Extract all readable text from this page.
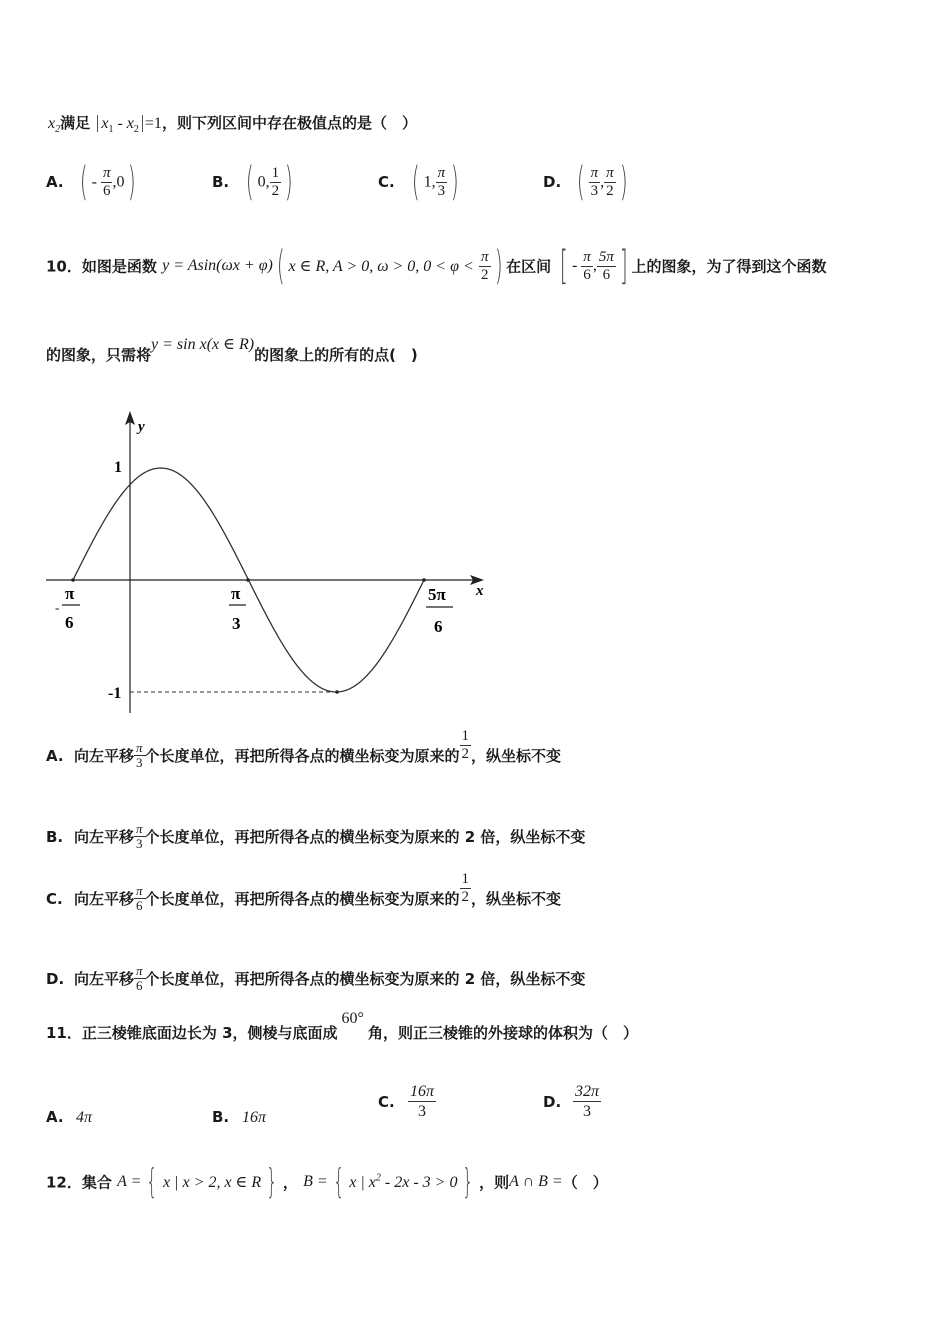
$x_2$满足 $x_1 - x_2 =1$，则下列区间中存在极值点的是（　）
A. ( - $\frac{\pi}{6} ,0$)	B. ( 0, $\frac{1}{2}$ )	C. ( 1, $\frac{\pi}{3}$ )	D. ( $\frac{\pi}{3}$ , $\frac{\pi}{2}$ )
10．如图是函数 y = Asin(ωx + φ)( x ∈ R, A > 0, ω > 0, $0 < \varphi < \frac{\pi}{2}$ ) 在区间 [ - $\frac{\pi}{6}$ , $\frac{5\pi}{6}$ ] 上的图象，为了得到这个函数
的图象，只需将y = sin x(x ∈ R)的图象上的所有的点(　)
y
x
1
-1
-
π
6
π
3
5π
6
A. 向左平移 $\frac{\pi}{3}$ 个长度单位，再把所得各点的横坐标变为原来的 $\frac{1}{2}$ ，纵坐标不变
B. 向左平移 $\frac{\pi}{3}$ 个长度单位，再把所得各点的横坐标变为原来的 2 倍，纵坐标不变
C. 向左平移 $\frac{\pi}{6}$ 个长度单位，再把所得各点的横坐标变为原来的 $\frac{1}{2}$ ，纵坐标不变
D. 向左平移 $\frac{\pi}{6}$ 个长度单位，再把所得各点的横坐标变为原来的 2 倍，纵坐标不变
11．正三棱锥底面边长为 3，侧棱与底面成60°角，则正三棱锥的外接球的体积为（　）
A. 4π	B. 16π
C. $\frac{16\pi}{3}$	D. $\frac{32\pi}{3}$
12．集合 A = { x | x > 2, x ∈ R } ， B = { x | $x^2 - 2x - 3 > 0$ } ，则A ∩ B =（　）
